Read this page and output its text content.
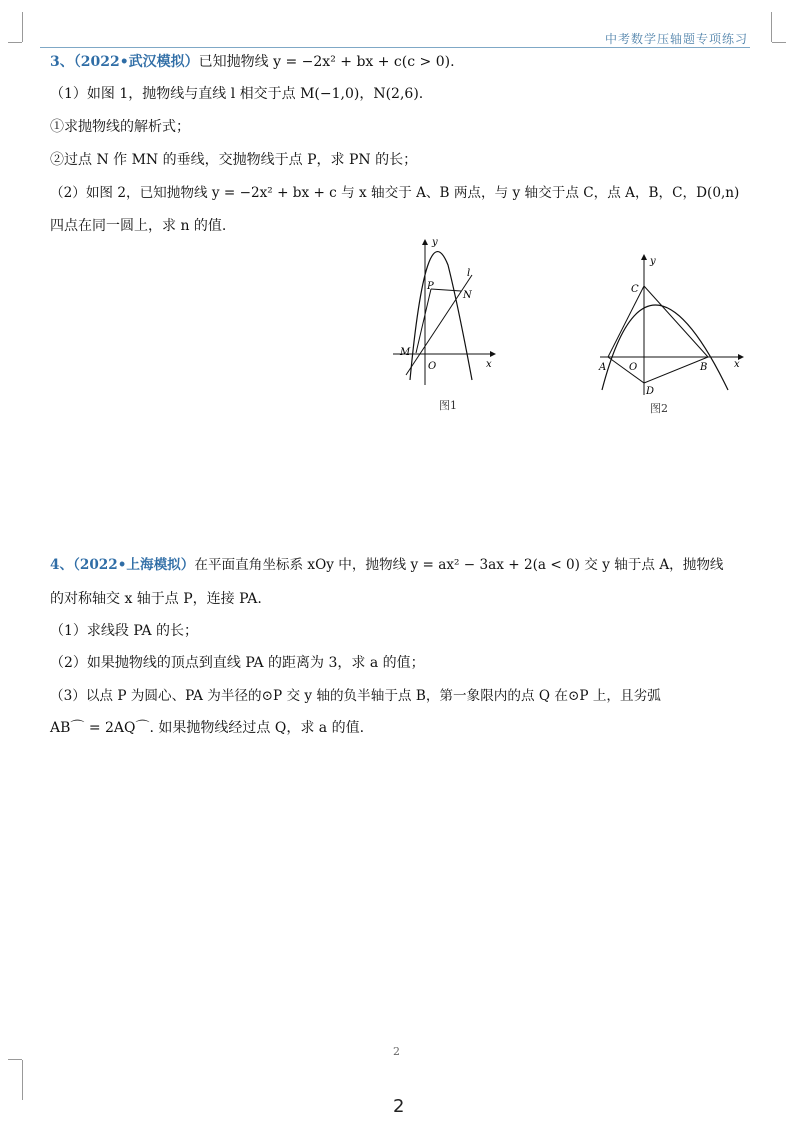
中考数学压轴题专项练习
3、（2022•武汉模拟）已知抛物线 y = −2x² + bx + c(c > 0).
（1）如图 1，抛物线与直线 l 相交于点 M(−1,0)，N(2,6).
①求抛物线的解析式；
②过点 N 作 MN 的垂线，交抛物线于点 P，求 PN 的长；
（2）如图 2，已知抛物线 y = −2x² + bx + c 与 x 轴交于 A、B 两点，与 y 轴交于点 C，点 A，B，C，D(0,n)
四点在同一圆上，求 n 的值.
y
x
O
M
P
N
l
图1
y
x
O
A	B
C
D
图2
4、（2022•上海模拟）在平面直角坐标系 xOy 中，抛物线 y = ax² − 3ax + 2(a < 0) 交 y 轴于点 A，抛物线
的对称轴交 x 轴于点 P，连接 PA.
（1）求线段 PA 的长；
（2）如果抛物线的顶点到直线 PA 的距离为 3，求 a 的值；
（3）以点 P 为圆心、PA 为半径的⊙P 交 y 轴的负半轴于点 B，第一象限内的点 Q 在⊙P 上，且劣弧
AB⌒ = 2AQ⌒. 如果抛物线经过点 Q，求 a 的值.
2
2
